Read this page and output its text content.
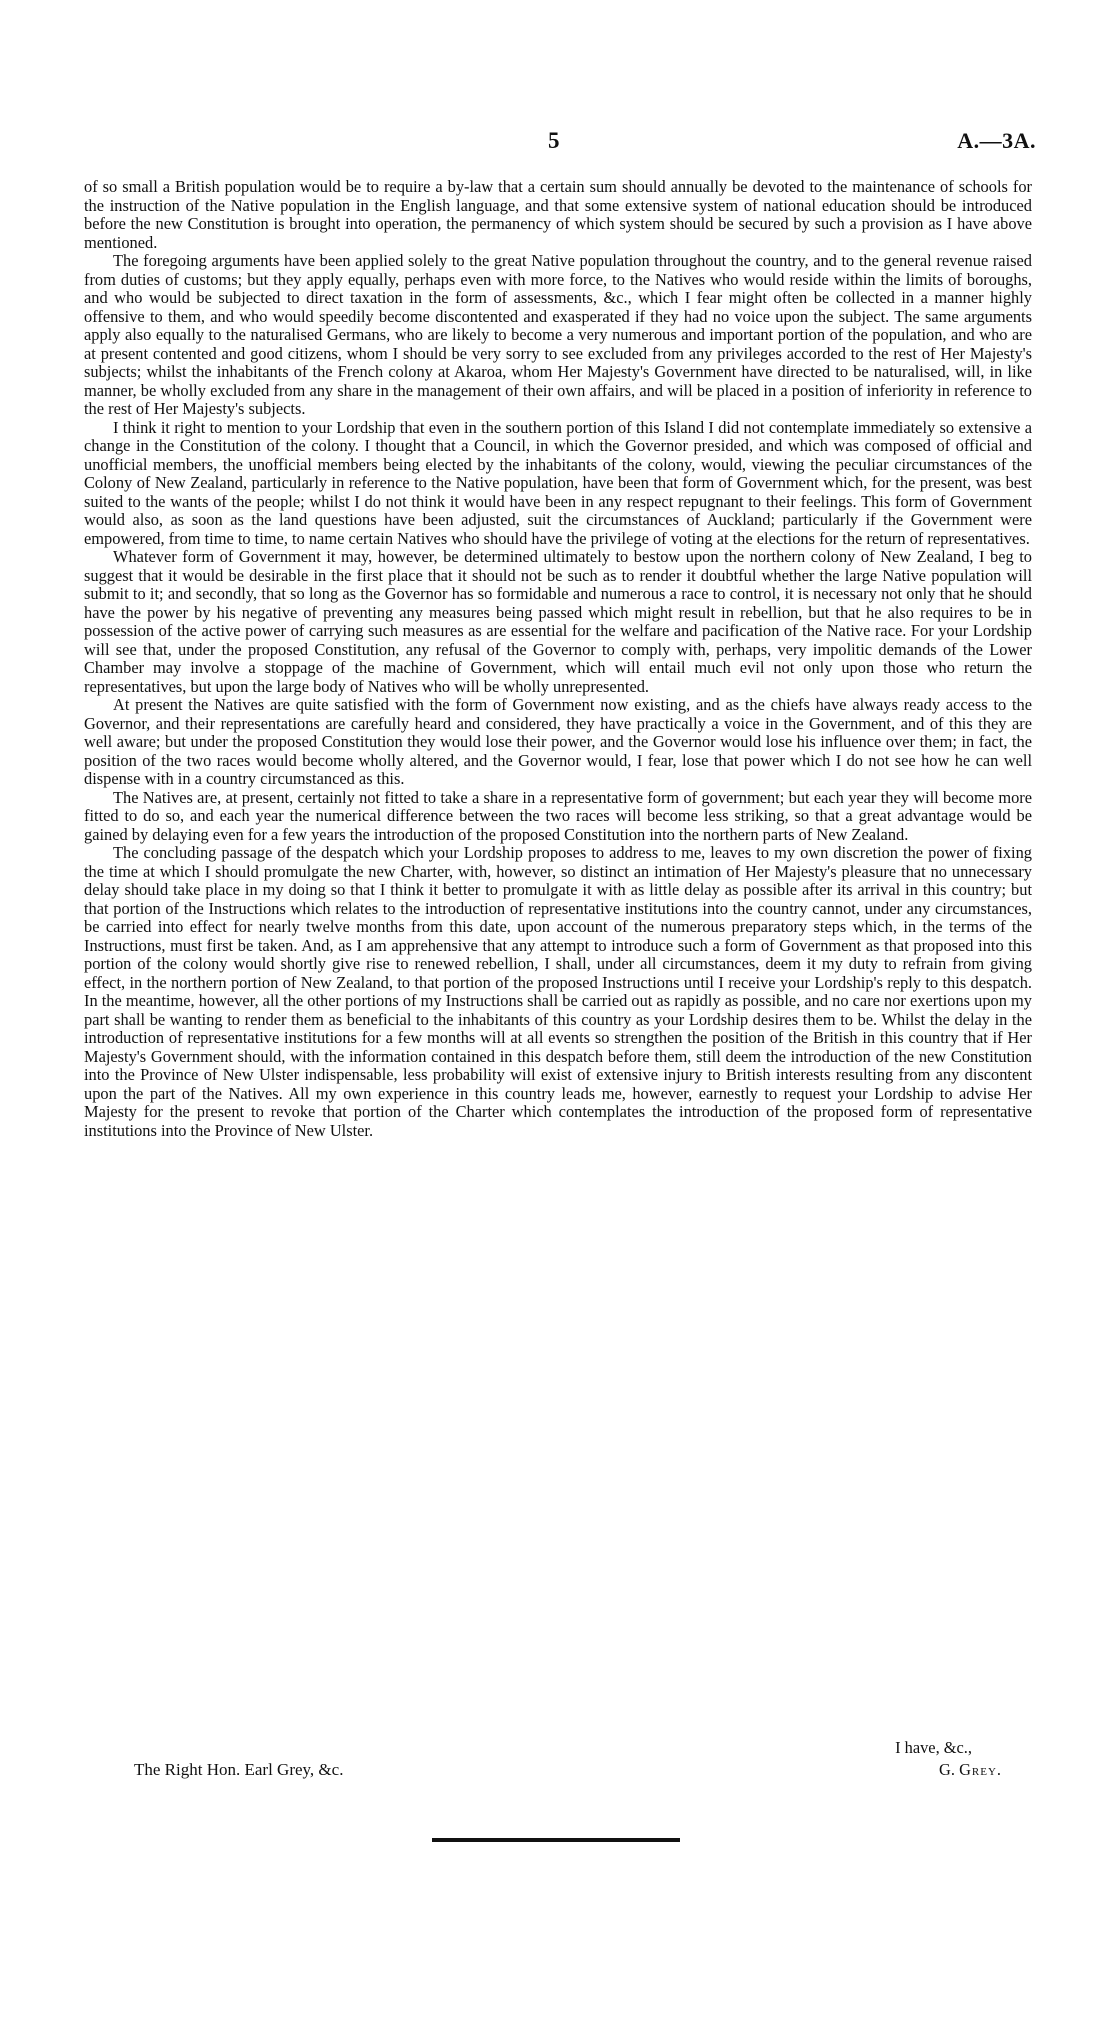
5	A.—3A.

of so small a British population would be to require a by-law that a certain sum should annually be devoted to the maintenance of schools for the instruction of the Native population in the English language, and that some extensive system of national education should be introduced before the new Constitution is brought into operation, the permanency of which system should be secured by such a provision as I have above mentioned.

The foregoing arguments have been applied solely to the great Native population throughout the country, and to the general revenue raised from duties of customs; but they apply equally, perhaps even with more force, to the Natives who would reside within the limits of boroughs, and who would be subjected to direct taxation in the form of assessments, &c., which I fear might often be collected in a manner highly offensive to them, and who would speedily become discontented and exasperated if they had no voice upon the subject. The same arguments apply also equally to the naturalised Germans, who are likely to become a very numerous and important portion of the population, and who are at present contented and good citizens, whom I should be very sorry to see excluded from any privileges accorded to the rest of Her Majesty's subjects; whilst the inhabitants of the French colony at Akaroa, whom Her Majesty's Government have directed to be naturalised, will, in like manner, be wholly excluded from any share in the management of their own affairs, and will be placed in a position of inferiority in reference to the rest of Her Majesty's subjects.

I think it right to mention to your Lordship that even in the southern portion of this Island I did not contemplate immediately so extensive a change in the Constitution of the colony. I thought that a Council, in which the Governor presided, and which was composed of official and unofficial members, the unofficial members being elected by the inhabitants of the colony, would, viewing the peculiar circumstances of the Colony of New Zealand, particularly in reference to the Native population, have been that form of Government which, for the present, was best suited to the wants of the people; whilst I do not think it would have been in any respect repugnant to their feelings. This form of Government would also, as soon as the land questions have been adjusted, suit the circumstances of Auckland; particularly if the Government were empowered, from time to time, to name certain Natives who should have the privilege of voting at the elections for the return of representatives.

Whatever form of Government it may, however, be determined ultimately to bestow upon the northern colony of New Zealand, I beg to suggest that it would be desirable in the first place that it should not be such as to render it doubtful whether the large Native population will submit to it; and secondly, that so long as the Governor has so formidable and numerous a race to control, it is necessary not only that he should have the power by his negative of preventing any measures being passed which might result in rebellion, but that he also requires to be in possession of the active power of carrying such measures as are essential for the welfare and pacification of the Native race. For your Lordship will see that, under the proposed Constitution, any refusal of the Governor to comply with, perhaps, very impolitic demands of the Lower Chamber may involve a stoppage of the machine of Government, which will entail much evil not only upon those who return the representatives, but upon the large body of Natives who will be wholly unrepresented.

At present the Natives are quite satisfied with the form of Government now existing, and as the chiefs have always ready access to the Governor, and their representations are carefully heard and considered, they have practically a voice in the Government, and of this they are well aware; but under the proposed Constitution they would lose their power, and the Governor would lose his influence over them; in fact, the position of the two races would become wholly altered, and the Governor would, I fear, lose that power which I do not see how he can well dispense with in a country circumstanced as this.

The Natives are, at present, certainly not fitted to take a share in a representative form of government; but each year they will become more fitted to do so, and each year the numerical difference between the two races will become less striking, so that a great advantage would be gained by delaying even for a few years the introduction of the proposed Constitution into the northern parts of New Zealand.

The concluding passage of the despatch which your Lordship proposes to address to me, leaves to my own discretion the power of fixing the time at which I should promulgate the new Charter, with, however, so distinct an intimation of Her Majesty's pleasure that no unnecessary delay should take place in my doing so that I think it better to promulgate it with as little delay as possible after its arrival in this country; but that portion of the Instructions which relates to the introduction of representative institutions into the country cannot, under any circumstances, be carried into effect for nearly twelve months from this date, upon account of the numerous preparatory steps which, in the terms of the Instructions, must first be taken. And, as I am apprehensive that any attempt to introduce such a form of Government as that proposed into this portion of the colony would shortly give rise to renewed rebellion, I shall, under all circumstances, deem it my duty to refrain from giving effect, in the northern portion of New Zealand, to that portion of the proposed Instructions until I receive your Lordship's reply to this despatch. In the meantime, however, all the other portions of my Instructions shall be carried out as rapidly as possible, and no care nor exertions upon my part shall be wanting to render them as beneficial to the inhabitants of this country as your Lordship desires them to be. Whilst the delay in the introduction of representative institutions for a few months will at all events so strengthen the position of the British in this country that if Her Majesty's Government should, with the information contained in this despatch before them, still deem the introduction of the new Constitution into the Province of New Ulster indispensable, less probability will exist of extensive injury to British interests resulting from any discontent upon the part of the Natives. All my own experience in this country leads me, however, earnestly to request your Lordship to advise Her Majesty for the present to revoke that portion of the Charter which contemplates the introduction of the proposed form of representative institutions into the Province of New Ulster.

I have, &c.,
The Right Hon. Earl Grey, &c.	G. Grey.
